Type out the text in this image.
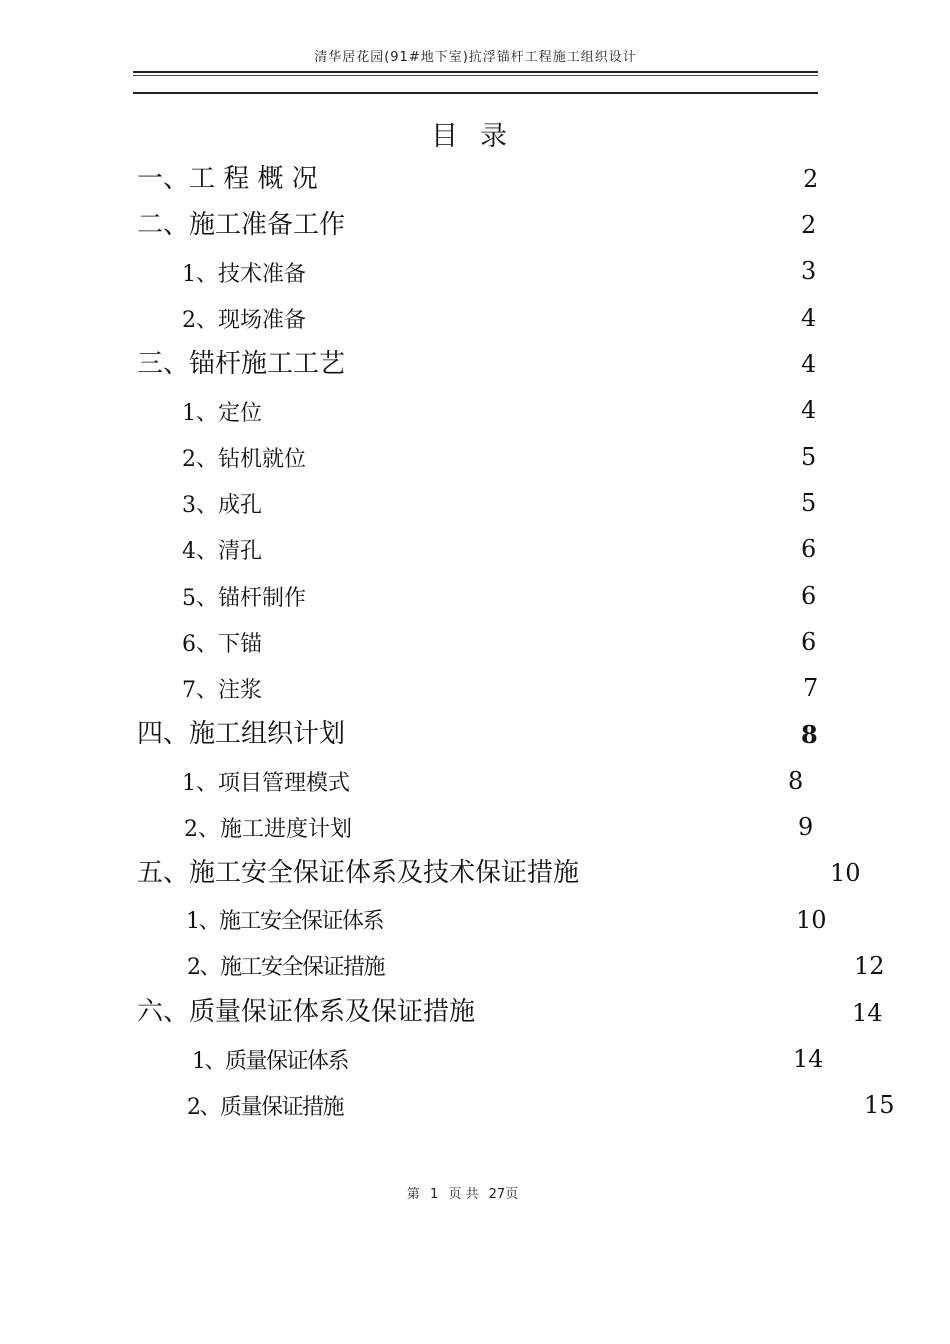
清华居花园(91#地下室)抗浮锚杆工程施工组织设计
目录
一、工 程 概 况	2
二、施工准备工作	2
1、技术准备	3
2、现场准备	4
三、锚杆施工工艺	4
1、定位	4
2、钻机就位	5
3、成孔	5
4、清孔	6
5、锚杆制作	6
6、下锚	6
7、注浆	7
四、施工组织计划	8
1、项目管理模式	8
2、施工进度计划	9
五、施工安全保证体系及技术保证措施	10
1、施工安全保证体系	10
2、施工安全保证措施	12
六、质量保证体系及保证措施	14
1、质量保证体系	14
2、质量保证措施	15
第 1 页 共 27页
